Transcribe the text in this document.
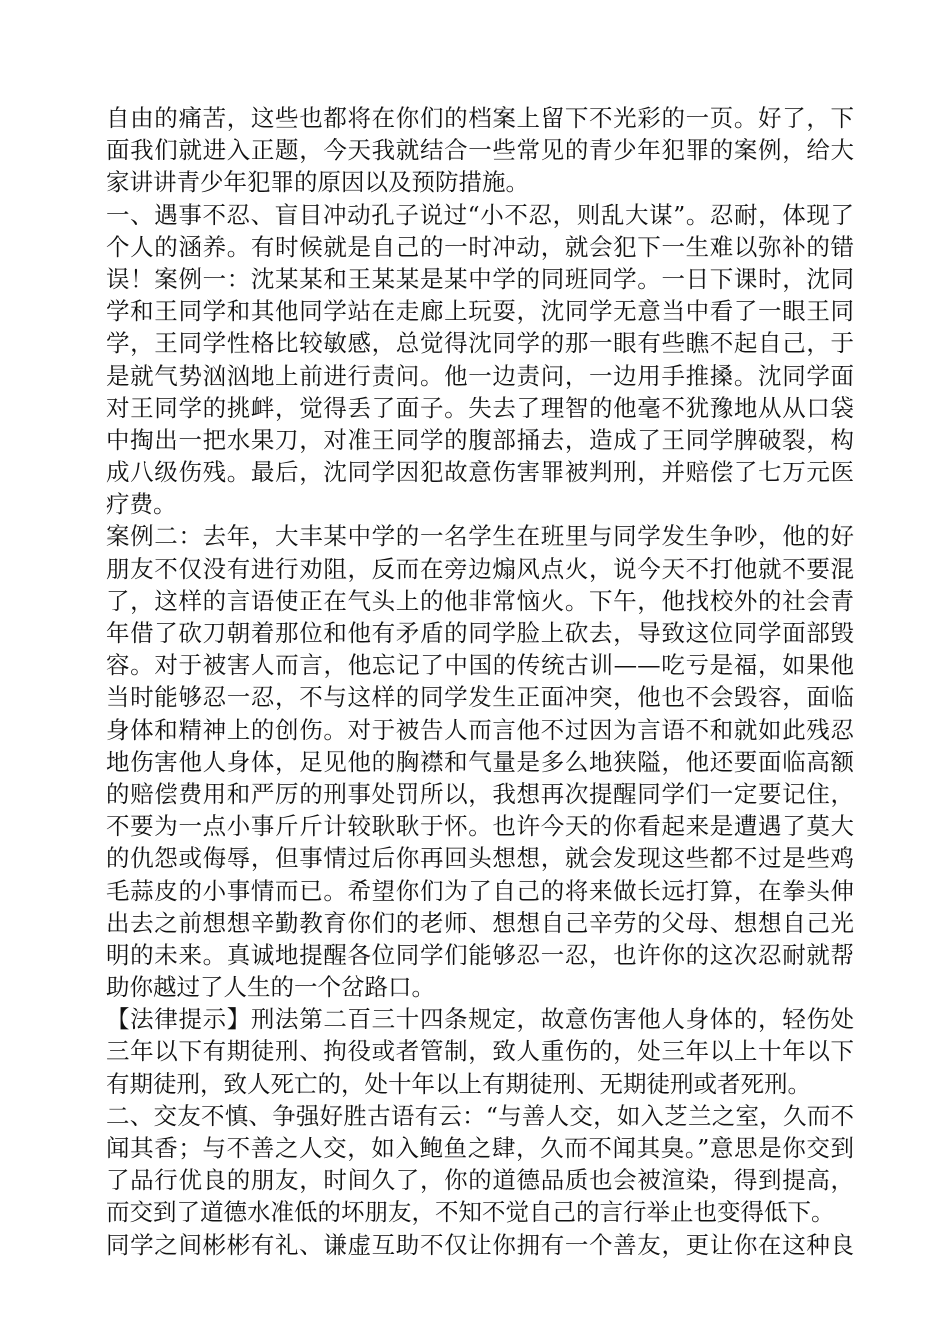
自由的痛苦，这些也都将在你们的档案上留下不光彩的一页。好了，下
面我们就进入正题，今天我就结合一些常见的青少年犯罪的案例，给大
家讲讲青少年犯罪的原因以及预防措施。
一、遇事不忍、盲目冲动孔子说过“小不忍，则乱大谋”。忍耐，体现了
个人的涵养。有时候就是自己的一时冲动，就会犯下一生难以弥补的错
误！案例一：沈某某和王某某是某中学的同班同学。一日下课时，沈同
学和王同学和其他同学站在走廊上玩耍，沈同学无意当中看了一眼王同
学，王同学性格比较敏感，总觉得沈同学的那一眼有些瞧不起自己，于
是就气势汹汹地上前进行责问。他一边责问，一边用手推搡。沈同学面
对王同学的挑衅，觉得丢了面子。失去了理智的他毫不犹豫地从从口袋
中掏出一把水果刀，对准王同学的腹部捅去，造成了王同学脾破裂，构
成八级伤残。最后，沈同学因犯故意伤害罪被判刑，并赔偿了七万元医
疗费。
案例二：去年，大丰某中学的一名学生在班里与同学发生争吵，他的好
朋友不仅没有进行劝阻，反而在旁边煽风点火，说今天不打他就不要混
了，这样的言语使正在气头上的他非常恼火。下午，他找校外的社会青
年借了砍刀朝着那位和他有矛盾的同学脸上砍去，导致这位同学面部毁
容。对于被害人而言，他忘记了中国的传统古训——吃亏是福，如果他
当时能够忍一忍，不与这样的同学发生正面冲突，他也不会毁容，面临
身体和精神上的创伤。对于被告人而言他不过因为言语不和就如此残忍
地伤害他人身体，足见他的胸襟和气量是多么地狭隘，他还要面临高额
的赔偿费用和严厉的刑事处罚所以，我想再次提醒同学们一定要记住，
不要为一点小事斤斤计较耿耿于怀。也许今天的你看起来是遭遇了莫大
的仇怨或侮辱，但事情过后你再回头想想，就会发现这些都不过是些鸡
毛蒜皮的小事情而已。希望你们为了自己的将来做长远打算，在拳头伸
出去之前想想辛勤教育你们的老师、想想自己辛劳的父母、想想自己光
明的未来。真诚地提醒各位同学们能够忍一忍，也许你的这次忍耐就帮
助你越过了人生的一个岔路口。
【法律提示】刑法第二百三十四条规定，故意伤害他人身体的，轻伤处
三年以下有期徒刑、拘役或者管制，致人重伤的，处三年以上十年以下
有期徒刑，致人死亡的，处十年以上有期徒刑、无期徒刑或者死刑。
二、交友不慎、争强好胜古语有云：“与善人交，如入芝兰之室，久而不
闻其香；与不善之人交，如入鲍鱼之肆，久而不闻其臭。”意思是你交到
了品行优良的朋友，时间久了，你的道德品质也会被渲染，得到提高，
而交到了道德水准低的坏朋友，不知不觉自己的言行举止也变得低下。
同学之间彬彬有礼、谦虚互助不仅让你拥有一个善友，更让你在这种良
